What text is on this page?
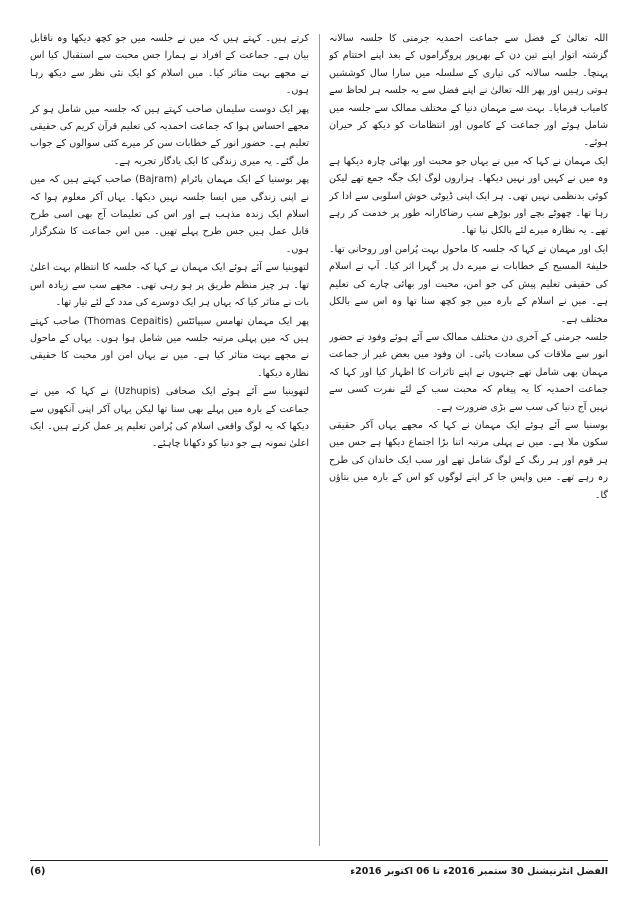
اللہ تعالیٰ کے فضل سے جماعت احمدیہ جرمنی کا جلسہ سالانہ گزشتہ اتوار اپنے تین دن کے بھرپور پروگراموں کے بعد اپنے اختتام کو پہنچا۔ جلسہ سالانہ کی تیاری کے سلسلہ میں سارا سال کوششیں ہوتی رہیں اور پھر اللہ تعالیٰ نے اپنے فضل سے یہ جلسہ ہر لحاظ سے کامیاب فرمایا۔ بہت سے مہمان دنیا کے مختلف ممالک سے جلسہ میں شامل ہوئے اور جماعت کے کاموں اور انتظامات کو دیکھ کر حیران ہوئے۔

ایک مہمان نے کہا کہ میں نے یہاں جو محبت اور بھائی چارہ دیکھا ہے وہ میں نے کہیں اور نہیں دیکھا۔ ہزاروں لوگ ایک جگہ جمع تھے لیکن کوئی بدنظمی نہیں تھی۔ ہر ایک اپنی ڈیوٹی خوش اسلوبی سے ادا کر رہا تھا۔ چھوٹے بچے اور بوڑھے سب رضاکارانہ طور پر خدمت کر رہے تھے۔ یہ نظارہ میرے لئے بالکل نیا تھا۔

ایک اور مہمان نے کہا کہ جلسہ کا ماحول بہت پُرامن اور روحانی تھا۔ خلیفۃ المسیح کے خطابات نے میرے دل پر گہرا اثر کیا۔ آپ نے اسلام کی حقیقی تعلیم پیش کی جو امن، محبت اور بھائی چارے کی تعلیم ہے۔ میں نے اسلام کے بارہ میں جو کچھ سنا تھا وہ اس سے بالکل مختلف ہے۔

جلسہ جرمنی کے آخری دن مختلف ممالک سے آئے ہوئے وفود نے حضور انور سے ملاقات کی سعادت پائی۔ ان وفود میں بعض غیر از جماعت مہمان بھی شامل تھے جنہوں نے اپنے تاثرات کا اظہار کیا اور کہا کہ جماعت احمدیہ کا یہ پیغام کہ محبت سب کے لئے نفرت کسی سے نہیں آج دنیا کی سب سے بڑی ضرورت ہے۔

بوسنیا سے آئے ہوئے ایک مہمان نے کہا کہ مجھے یہاں آکر حقیقی سکون ملا ہے۔ میں نے پہلی مرتبہ اتنا بڑا اجتماع دیکھا ہے جس میں ہر قوم اور ہر رنگ کے لوگ شامل تھے اور سب ایک خاندان کی طرح رہ رہے تھے۔ میں واپس جا کر اپنے لوگوں کو اس کے بارہ میں بتاؤں گا۔

کرتے ہیں۔ کہتے ہیں کہ میں نے جلسہ میں جو کچھ دیکھا وہ ناقابل بیان ہے۔ جماعت کے افراد نے ہمارا جس محبت سے استقبال کیا اس نے مجھے بہت متاثر کیا۔ میں اسلام کو ایک نئی نظر سے دیکھ رہا ہوں۔

پھر ایک دوست سلیمان صاحب کہتے ہیں کہ جلسہ میں شامل ہو کر مجھے احساس ہوا کہ جماعت احمدیہ کی تعلیم قرآن کریم کی حقیقی تعلیم ہے۔ حضور انور کے خطابات سن کر میرے کئی سوالوں کے جواب مل گئے۔ یہ میری زندگی کا ایک یادگار تجربہ ہے۔

پھر بوسنیا کے ایک مہمان بائرام (Bajram) صاحب کہتے ہیں کہ میں نے اپنی زندگی میں ایسا جلسہ نہیں دیکھا۔ یہاں آکر معلوم ہوا کہ اسلام ایک زندہ مذہب ہے اور اس کی تعلیمات آج بھی اسی طرح قابل عمل ہیں جس طرح پہلے تھیں۔ میں اس جماعت کا شکرگزار ہوں۔

لتھوینیا سے آئے ہوئے ایک مہمان نے کہا کہ جلسہ کا انتظام بہت اعلیٰ تھا۔ ہر چیز منظم طریق پر ہو رہی تھی۔ مجھے سب سے زیادہ اس بات نے متاثر کیا کہ یہاں ہر ایک دوسرے کی مدد کے لئے تیار تھا۔

پھر ایک مہمان تھامس سیپائٹس (Thomas Cepaitis) صاحب کہتے ہیں کہ میں پہلی مرتبہ جلسہ میں شامل ہوا ہوں۔ یہاں کے ماحول نے مجھے بہت متاثر کیا ہے۔ میں نے یہاں امن اور محبت کا حقیقی نظارہ دیکھا۔

لتھوینیا سے آئے ہوئے ایک صحافی (Uzhupis) نے کہا کہ میں نے جماعت کے بارہ میں پہلے بھی سنا تھا لیکن یہاں آکر اپنی آنکھوں سے دیکھا کہ یہ لوگ واقعی اسلام کی پُرامن تعلیم پر عمل کرتے ہیں۔ ایک اعلیٰ نمونہ ہے جو دنیا کو دکھانا چاہئے۔

الفضل انٹرنیشنل 30 ستمبر 2016ء تا 06 اکتوبر 2016ء
(6)
